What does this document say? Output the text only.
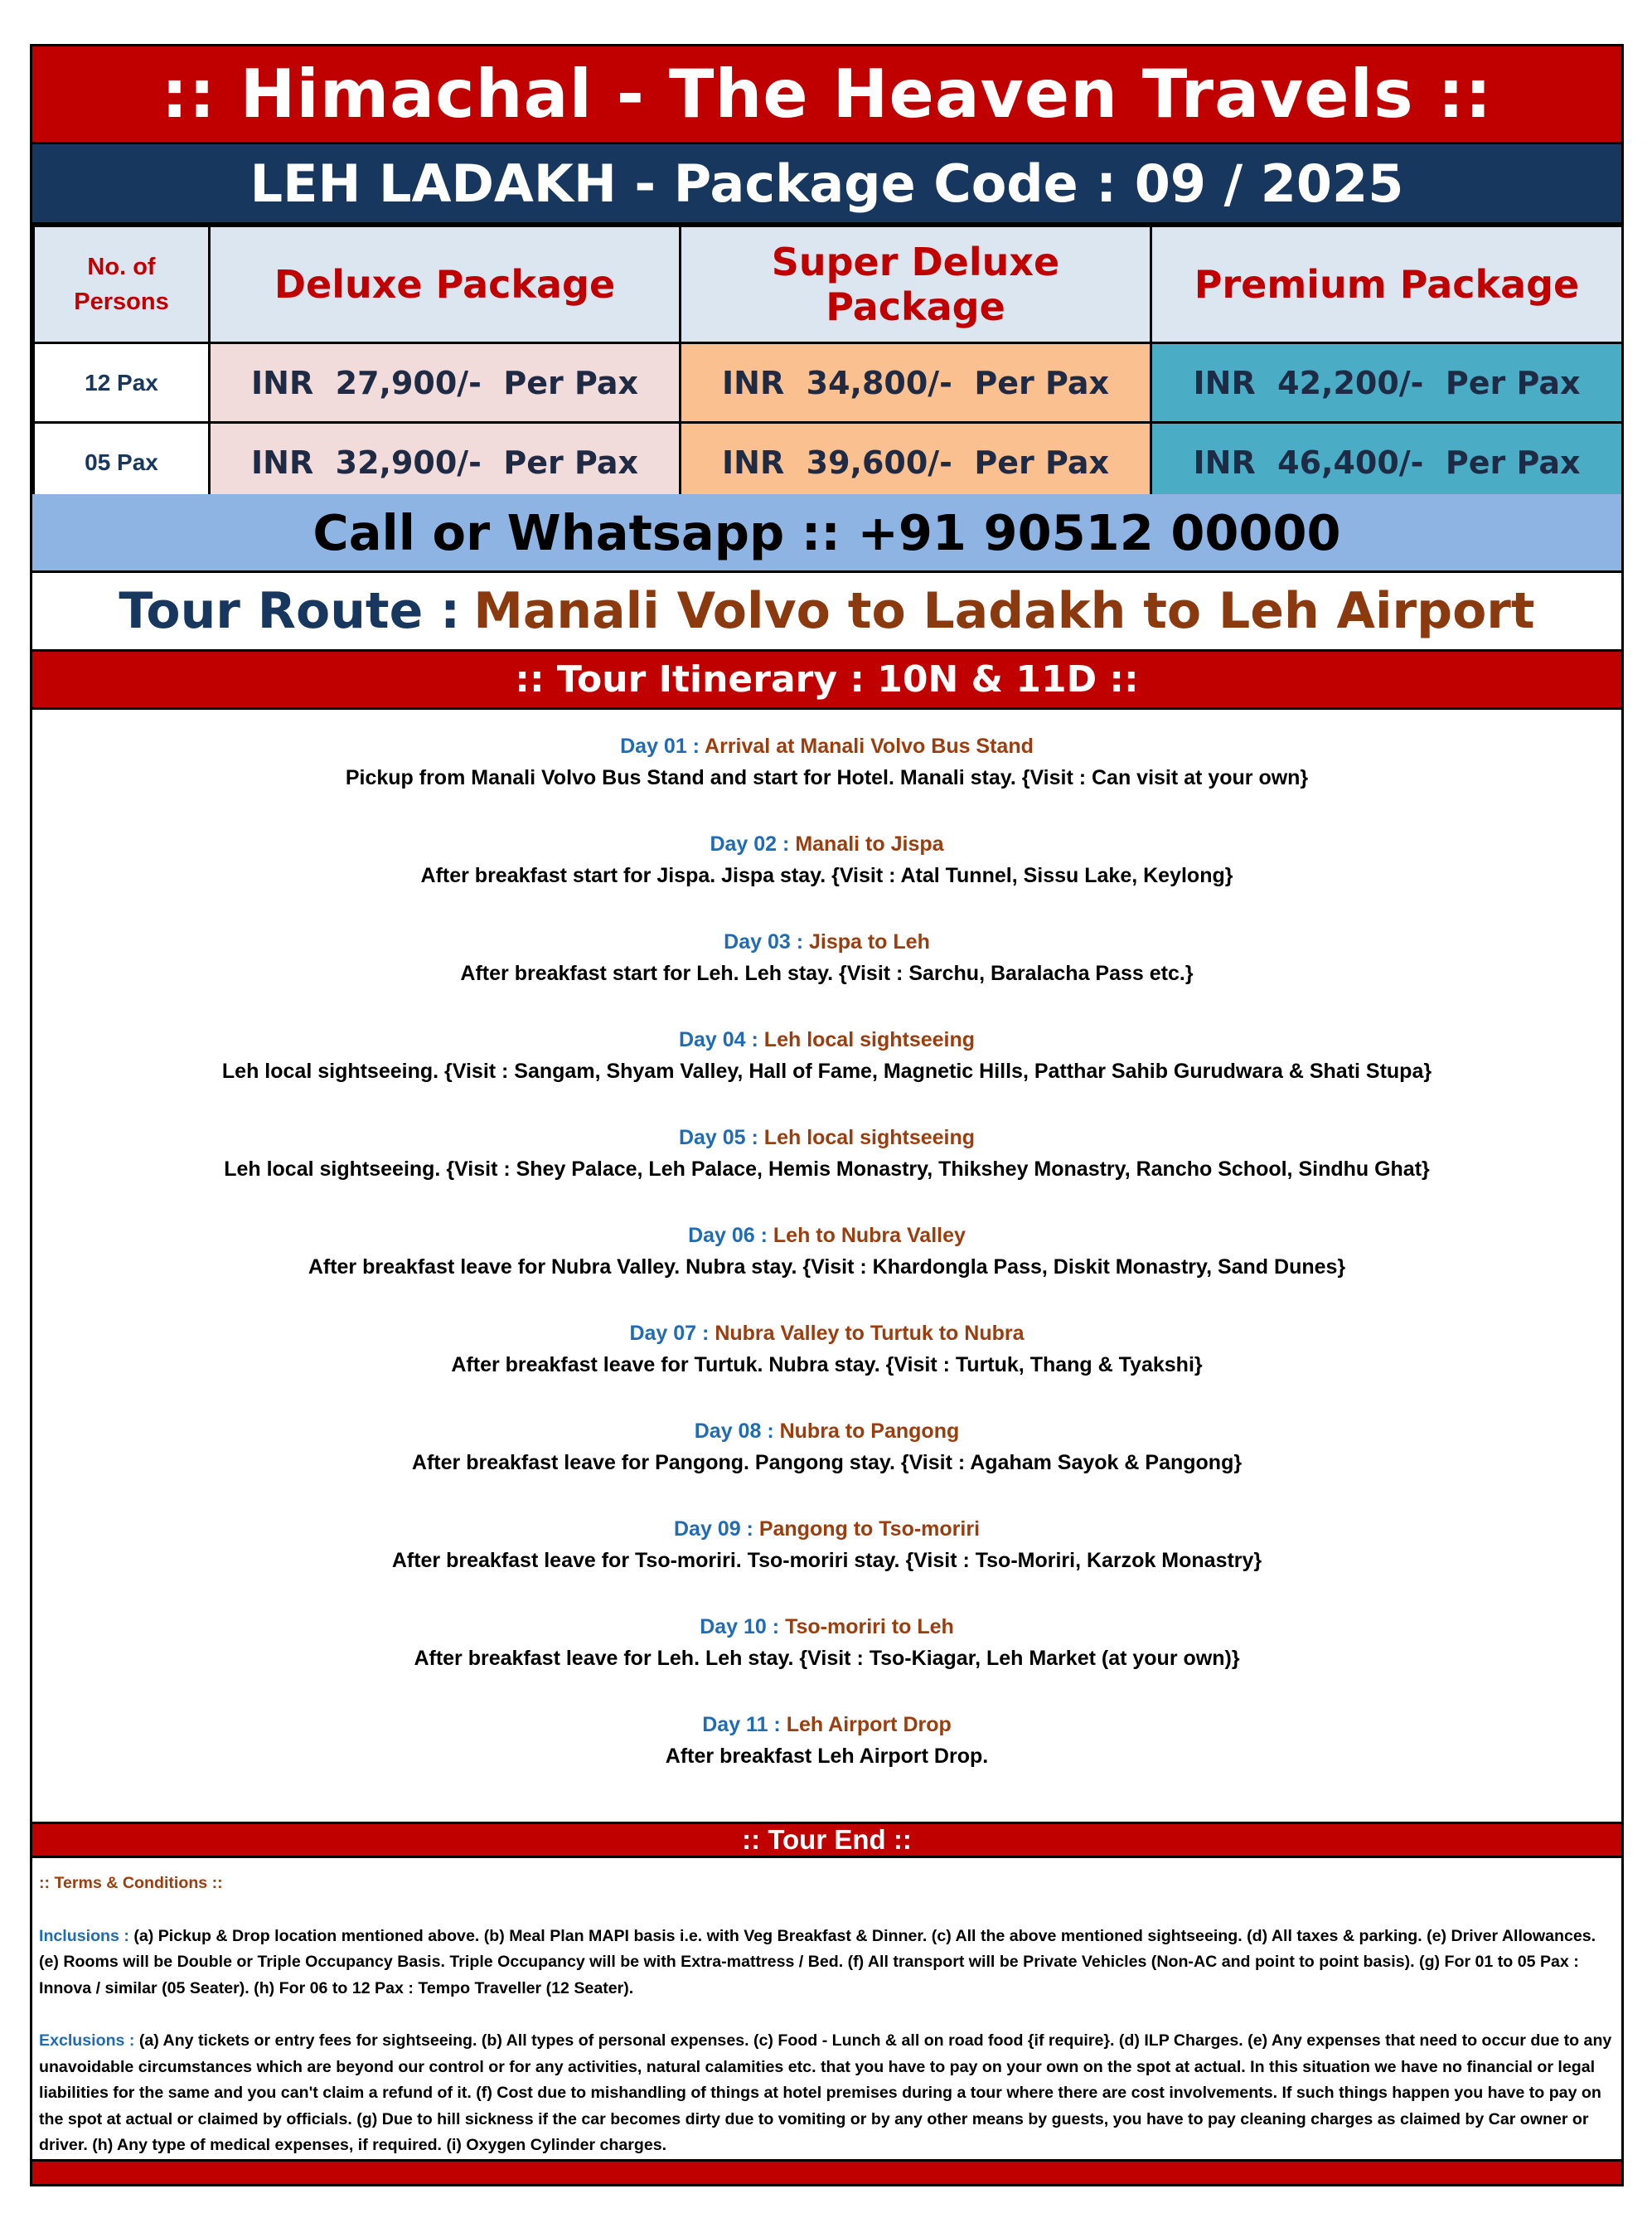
:: Himachal - The Heaven Travels ::
LEH LADAKH - Package Code : 09 / 2025
No. of Persons	Deluxe Package	Super Deluxe Package	Premium Package
12 Pax	INR  27,900/-  Per Pax	INR  34,800/-  Per Pax	INR  42,200/-  Per Pax
05 Pax	INR  32,900/-  Per Pax	INR  39,600/-  Per Pax	INR  46,400/-  Per Pax
Call or Whatsapp :: +91 90512 00000
Tour Route : Manali Volvo to Ladakh to Leh Airport
:: Tour Itinerary : 10N & 11D ::
Day 01 : Arrival at Manali Volvo Bus Stand
Pickup from Manali Volvo Bus Stand and start for Hotel. Manali stay. {Visit : Can visit at your own}
Day 02 : Manali to Jispa
After breakfast start for Jispa. Jispa stay. {Visit : Atal Tunnel, Sissu Lake, Keylong}
Day 03 : Jispa to Leh
After breakfast start for Leh. Leh stay. {Visit : Sarchu, Baralacha Pass etc.}
Day 04 : Leh local sightseeing
Leh local sightseeing. {Visit : Sangam, Shyam Valley, Hall of Fame, Magnetic Hills, Patthar Sahib Gurudwara & Shati Stupa}
Day 05 : Leh local sightseeing
Leh local sightseeing. {Visit : Shey Palace, Leh Palace, Hemis Monastry, Thikshey Monastry, Rancho School, Sindhu Ghat}
Day 06 : Leh to Nubra Valley
After breakfast leave for Nubra Valley. Nubra stay. {Visit : Khardongla Pass, Diskit Monastry, Sand Dunes}
Day 07 : Nubra Valley to Turtuk to Nubra
After breakfast leave for Turtuk. Nubra stay. {Visit : Turtuk, Thang & Tyakshi}
Day 08 : Nubra to Pangong
After breakfast leave for Pangong. Pangong stay. {Visit : Agaham Sayok & Pangong}
Day 09 : Pangong to Tso-moriri
After breakfast leave for Tso-moriri. Tso-moriri stay. {Visit : Tso-Moriri, Karzok Monastry}
Day 10 : Tso-moriri to Leh
After breakfast leave for Leh. Leh stay. {Visit : Tso-Kiagar, Leh Market (at your own)}
Day 11 : Leh Airport Drop
After breakfast Leh Airport Drop.
:: Tour End ::

:: Terms & Conditions ::

Inclusions : (a) Pickup & Drop location mentioned above. (b) Meal Plan MAPI basis i.e. with Veg Breakfast & Dinner. (c) All the above mentioned sightseeing. (d) All taxes & parking. (e) Driver Allowances. (e) Rooms will be Double or Triple Occupancy Basis. Triple Occupancy will be with Extra-mattress / Bed. (f) All transport will be Private Vehicles (Non-AC and point to point basis). (g) For 01 to 05 Pax : Innova / similar (05 Seater). (h) For 06 to 12 Pax : Tempo Traveller (12 Seater).

Exclusions : (a) Any tickets or entry fees for sightseeing. (b) All types of personal expenses. (c) Food - Lunch & all on road food {if require}. (d) ILP Charges. (e) Any expenses that need to occur due to any unavoidable circumstances which are beyond our control or for any activities, natural calamities etc. that you have to pay on your own on the spot at actual. In this situation we have no financial or legal liabilities for the same and you can't claim a refund of it. (f) Cost due to mishandling of things at hotel premises during a tour where there are cost involvements. If such things happen you have to pay on the spot at actual or claimed by officials. (g) Due to hill sickness if the car becomes dirty due to vomiting or by any other means by guests, you have to pay cleaning charges as claimed by Car owner or driver. (h) Any type of medical expenses, if required. (i) Oxygen Cylinder charges.
